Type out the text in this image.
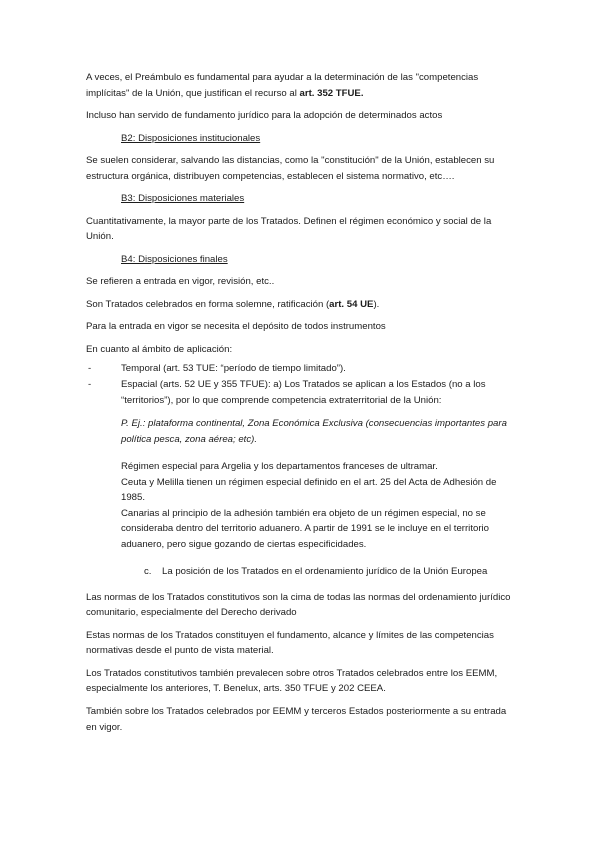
A veces, el Preámbulo es fundamental para ayudar a la determinación de las "competencias implícitas" de la Unión, que justifican el recurso al art. 352 TFUE.

Incluso han servido de fundamento jurídico para la adopción de determinados actos

B2: Disposiciones institucionales

Se suelen considerar, salvando las distancias, como la "constitución" de la Unión, establecen su estructura orgánica, distribuyen competencias, establecen el sistema normativo, etc….

B3: Disposiciones materiales

Cuantitativamente, la mayor parte de los Tratados. Definen el régimen económico y social de la Unión.

B4: Disposiciones finales

Se refieren a entrada en vigor, revisión, etc..

Son Tratados celebrados en forma solemne, ratificación (art. 54 UE).

Para la entrada en vigor se necesita el depósito de todos instrumentos

En cuanto al ámbito de aplicación:

-	Temporal (art. 53 TUE: “período de tiempo limitado”).
-	Espacial (arts. 52 UE y 355 TFUE): a) Los Tratados se aplican a los Estados (no a los “territorios”), por lo que comprende competencia extraterritorial de la Unión:

P. Ej.: plataforma continental, Zona Económica Exclusiva (consecuencias importantes para política pesca, zona aérea; etc).

Régimen especial para Argelia y los departamentos franceses de ultramar.
Ceuta y Melilla tienen un régimen especial definido en el art. 25 del Acta de Adhesión de 1985.
Canarias al principio de la adhesión también era objeto de un régimen especial, no se consideraba dentro del territorio aduanero. A partir de 1991 se le incluye en el territorio aduanero, pero sigue gozando de ciertas especificidades.
c. La posición de los Tratados en el ordenamiento jurídico de la Unión Europea

Las normas de los Tratados constitutivos son la cima de todas las normas del ordenamiento jurídico comunitario, especialmente del Derecho derivado

Estas normas de los Tratados constituyen el fundamento, alcance y límites de las competencias normativas desde el punto de vista material.

Los Tratados constitutivos también prevalecen sobre otros Tratados celebrados entre los EEMM, especialmente los anteriores, T. Benelux, arts. 350 TFUE y 202 CEEA.

También sobre los Tratados celebrados por EEMM y terceros Estados posteriormente a su entrada en vigor.
